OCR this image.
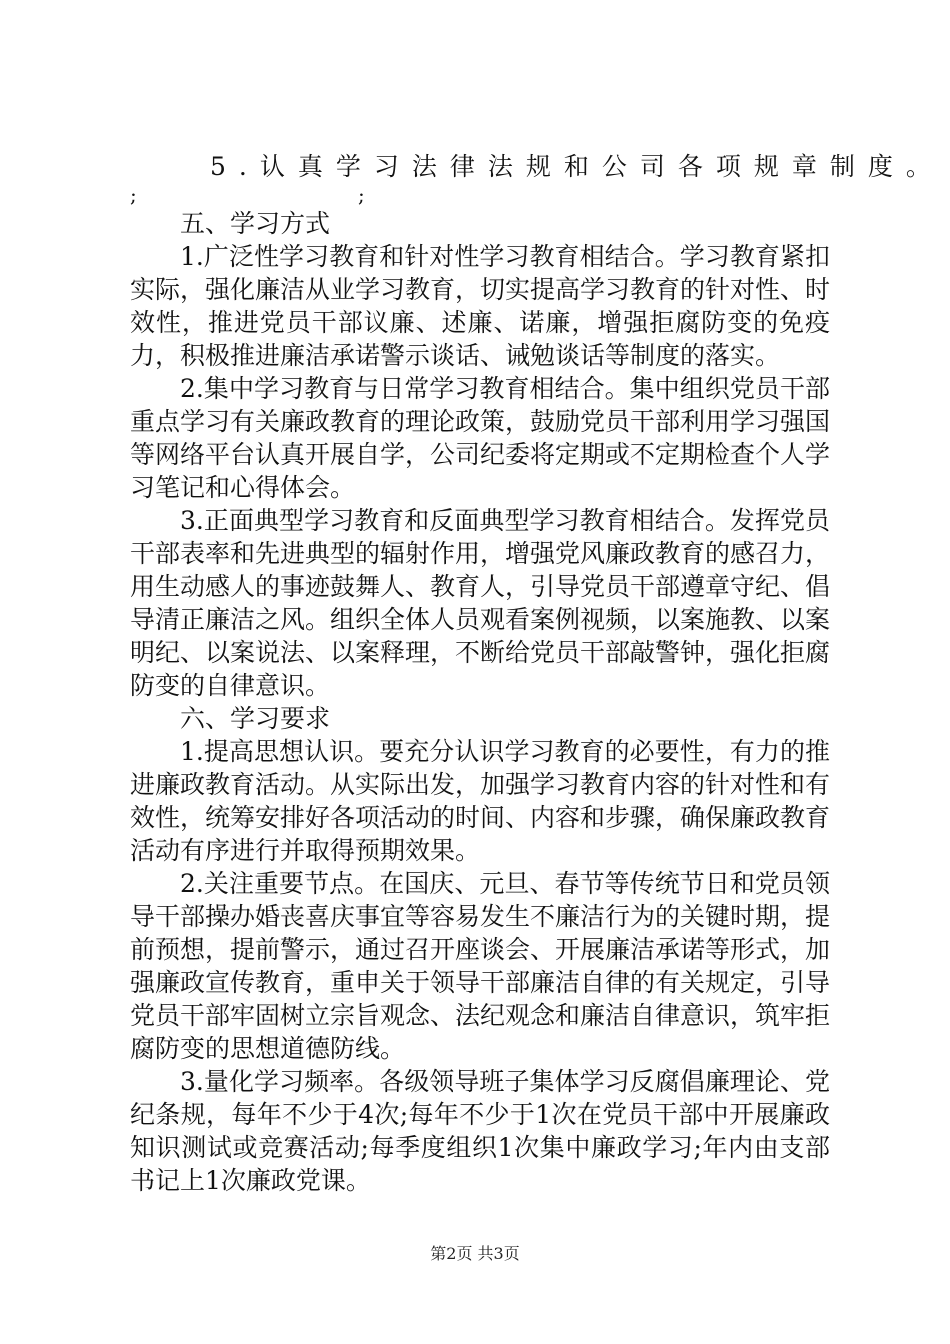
5.认真学习法律法规和公司各项规章制度。
;	;
五、学习方式

1.广泛性学习教育和针对性学习教育相结合。学习教育紧扣实际，强化廉洁从业学习教育，切实提高学习教育的针对性、时效性，推进党员干部议廉、述廉、诺廉，增强拒腐防变的免疫力，积极推进廉洁承诺警示谈话、诫勉谈话等制度的落实。

2.集中学习教育与日常学习教育相结合。集中组织党员干部重点学习有关廉政教育的理论政策，鼓励党员干部利用学习强国等网络平台认真开展自学，公司纪委将定期或不定期检查个人学习笔记和心得体会。

3.正面典型学习教育和反面典型学习教育相结合。发挥党员干部表率和先进典型的辐射作用，增强党风廉政教育的感召力，用生动感人的事迹鼓舞人、教育人，引导党员干部遵章守纪、倡导清正廉洁之风。组织全体人员观看案例视频，以案施教、以案明纪、以案说法、以案释理，不断给党员干部敲警钟，强化拒腐防变的自律意识。

六、学习要求

1.提高思想认识。要充分认识学习教育的必要性，有力的推进廉政教育活动。从实际出发，加强学习教育内容的针对性和有效性，统筹安排好各项活动的时间、内容和步骤，确保廉政教育活动有序进行并取得预期效果。

2.关注重要节点。在国庆、元旦、春节等传统节日和党员领导干部操办婚丧喜庆事宜等容易发生不廉洁行为的关键时期，提前预想，提前警示，通过召开座谈会、开展廉洁承诺等形式，加强廉政宣传教育，重申关于领导干部廉洁自律的有关规定，引导党员干部牢固树立宗旨观念、法纪观念和廉洁自律意识，筑牢拒腐防变的思想道德防线。

3.量化学习频率。各级领导班子集体学习反腐倡廉理论、党纪条规，每年不少于4次;每年不少于1次在党员干部中开展廉政知识测试或竞赛活动;每季度组织1次集中廉政学习;年内由支部书记上1次廉政党课。

第2页 共3页
